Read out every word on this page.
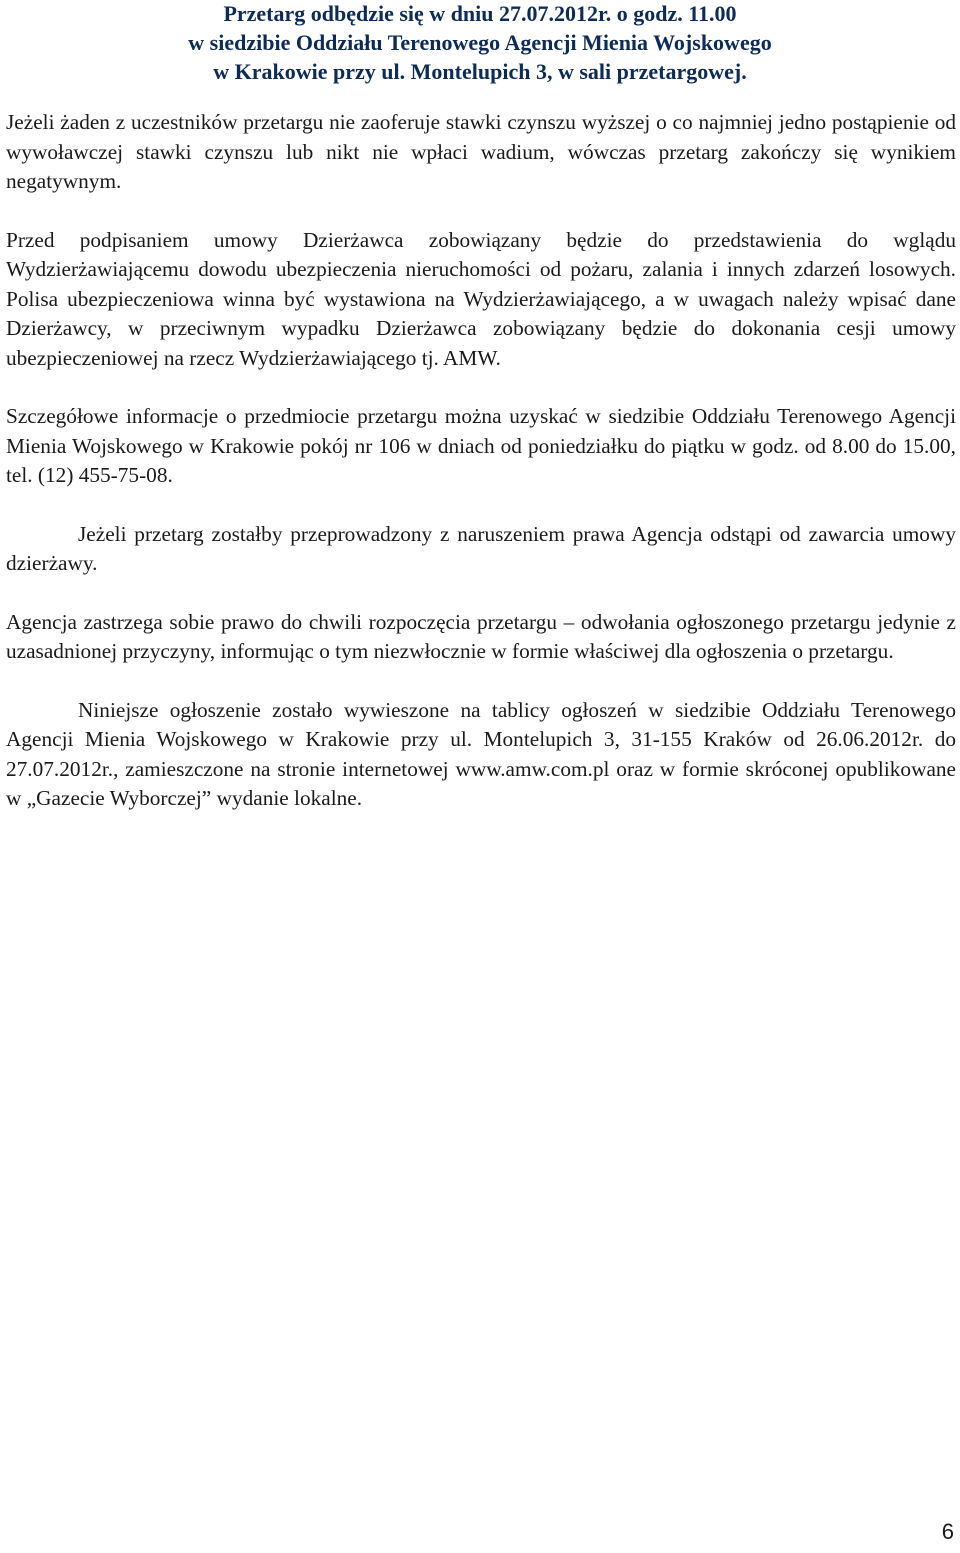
Przetarg odbędzie się w dniu 27.07.2012r. o godz. 11.00
w siedzibie Oddziału Terenowego Agencji Mienia Wojskowego
w Krakowie przy ul. Montelupich 3, w sali przetargowej.

Jeżeli żaden z uczestników przetargu nie zaoferuje stawki czynszu wyższej o co najmniej jedno postąpienie od wywoławczej stawki czynszu lub nikt nie wpłaci wadium, wówczas przetarg zakończy się wynikiem negatywnym.

Przed podpisaniem umowy Dzierżawca zobowiązany będzie do przedstawienia do wglądu Wydzierżawiającemu dowodu ubezpieczenia nieruchomości od pożaru, zalania i innych zdarzeń losowych. Polisa ubezpieczeniowa winna być wystawiona na Wydzierżawiającego, a w uwagach należy wpisać dane Dzierżawcy, w przeciwnym wypadku Dzierżawca zobowiązany będzie do dokonania cesji umowy ubezpieczeniowej na rzecz Wydzierżawiającego tj. AMW.

Szczegółowe informacje o przedmiocie przetargu można uzyskać w siedzibie Oddziału Terenowego Agencji Mienia Wojskowego w Krakowie pokój nr 106 w dniach od poniedziałku do piątku w godz. od 8.00 do 15.00, tel. (12) 455-75-08.

Jeżeli przetarg zostałby przeprowadzony z naruszeniem prawa Agencja odstąpi od zawarcia umowy dzierżawy.

Agencja zastrzega sobie prawo do chwili rozpoczęcia przetargu – odwołania ogłoszonego przetargu jedynie z uzasadnionej przyczyny, informując o tym niezwłocznie w formie właściwej dla ogłoszenia o przetargu.

Niniejsze ogłoszenie zostało wywieszone na tablicy ogłoszeń w siedzibie Oddziału Terenowego Agencji Mienia Wojskowego w Krakowie przy ul. Montelupich 3, 31-155 Kraków od 26.06.2012r. do 27.07.2012r., zamieszczone na stronie internetowej www.amw.com.pl oraz w formie skróconej opublikowane w „Gazecie Wyborczej” wydanie lokalne.

6
